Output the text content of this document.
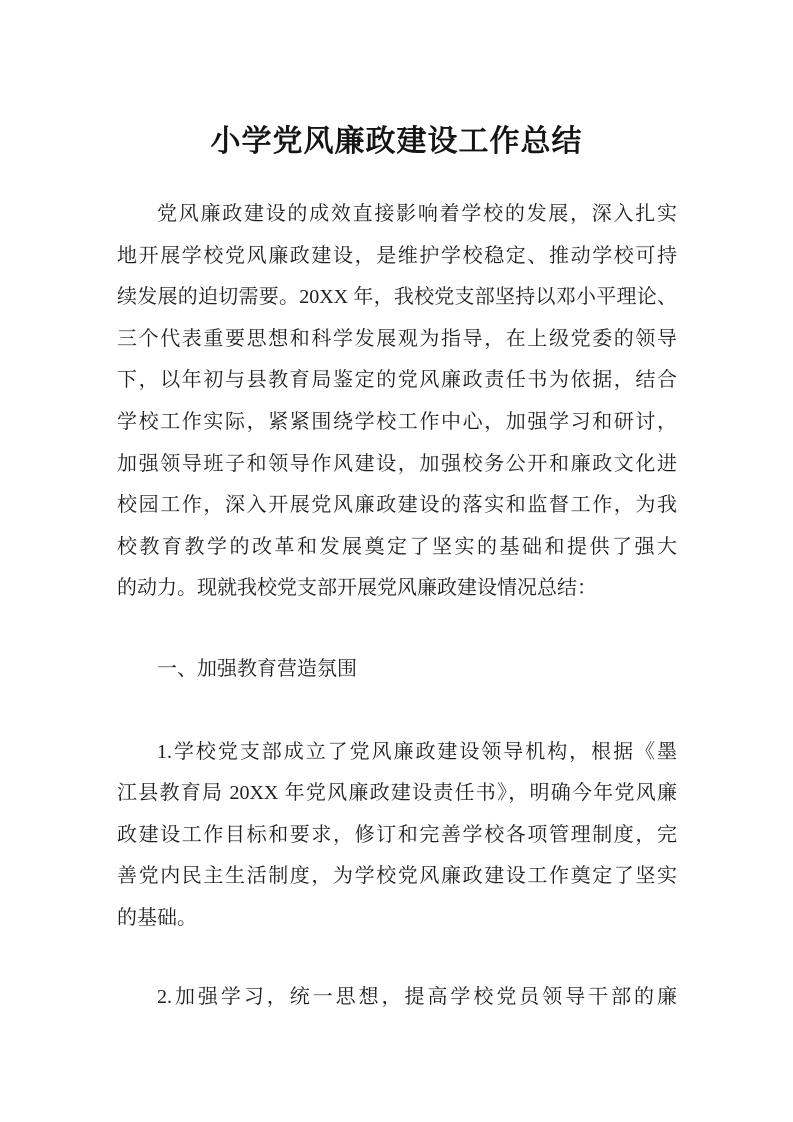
小学党风廉政建设工作总结
党风廉政建设的成效直接影响着学校的发展，深入扎实
地开展学校党风廉政建设，是维护学校稳定、推动学校可持
续发展的迫切需要。20XX 年，我校党支部坚持以邓小平理论、
三个代表重要思想和科学发展观为指导，在上级党委的领导
下，以年初与县教育局鉴定的党风廉政责任书为依据，结合
学校工作实际，紧紧围绕学校工作中心，加强学习和研讨，
加强领导班子和领导作风建设，加强校务公开和廉政文化进
校园工作，深入开展党风廉政建设的落实和监督工作，为我
校教育教学的改革和发展奠定了坚实的基础和提供了强大
的动力。现就我校党支部开展党风廉政建设情况总结：
一、加强教育营造氛围
1.学校党支部成立了党风廉政建设领导机构，根据《墨
江县教育局 20XX 年党风廉政建设责任书》，明确今年党风廉
政建设工作目标和要求，修订和完善学校各项管理制度，完
善党内民主生活制度，为学校党风廉政建设工作奠定了坚实
的基础。
2.加强学习，统一思想，提高学校党员领导干部的廉
